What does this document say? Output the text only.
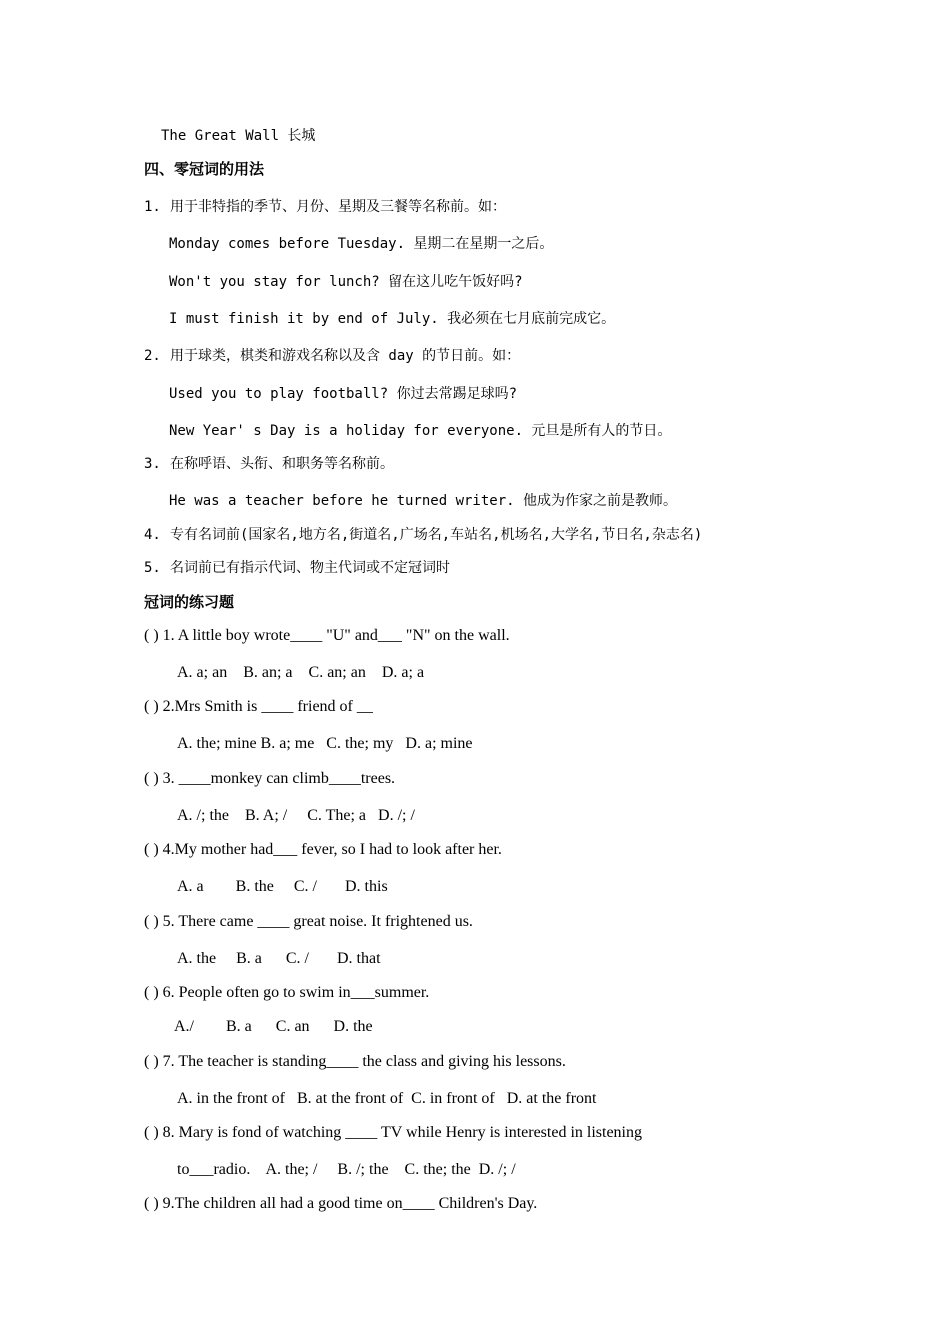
The Great Wall 长城
四、零冠词的用法
1. 用于非特指的季节、月份、星期及三餐等名称前。如：
Monday comes before Tuesday. 星期二在星期一之后。
Won't you stay for lunch? 留在这儿吃午饭好吗?
I must finish it by end of July. 我必须在七月底前完成它。
2. 用于球类，棋类和游戏名称以及含 day 的节日前。如：
Used you to play football? 你过去常踢足球吗?
New Year' s Day is a holiday for everyone. 元旦是所有人的节日。
3. 在称呼语、头衔、和职务等名称前。
He was a teacher before he turned writer. 他成为作家之前是教师。
4. 专有名词前(国家名,地方名,街道名,广场名,车站名,机场名,大学名,节日名,杂志名)
5. 名词前已有指示代词、物主代词或不定冠词时
冠词的练习题
( ) 1. A little boy wrote____ "U" and___ "N" on the wall.
A. a; an    B. an; a    C. an; an    D. a; a
( ) 2.Mrs Smith is ____ friend of __
A. the; mine B. a; me   C. the; my   D. a; mine
( ) 3. ____monkey can climb____trees.
A. /; the    B. A; /     C. The; a   D. /; /
( ) 4.My mother had___ fever, so I had to look after her.
A. a        B. the     C. /       D. this
( ) 5. There came ____ great noise. It frightened us.
A. the     B. a      C. /       D. that
( ) 6. People often go to swim in___summer.
A./        B. a      C. an      D. the
( ) 7. The teacher is standing____ the class and giving his lessons.
A. in the front of   B. at the front of  C. in front of   D. at the front
( ) 8. Mary is fond of watching ____ TV while Henry is interested in listening
to___radio.    A. the; /     B. /; the    C. the; the  D. /; /
( ) 9.The children all had a good time on____ Children's Day.
